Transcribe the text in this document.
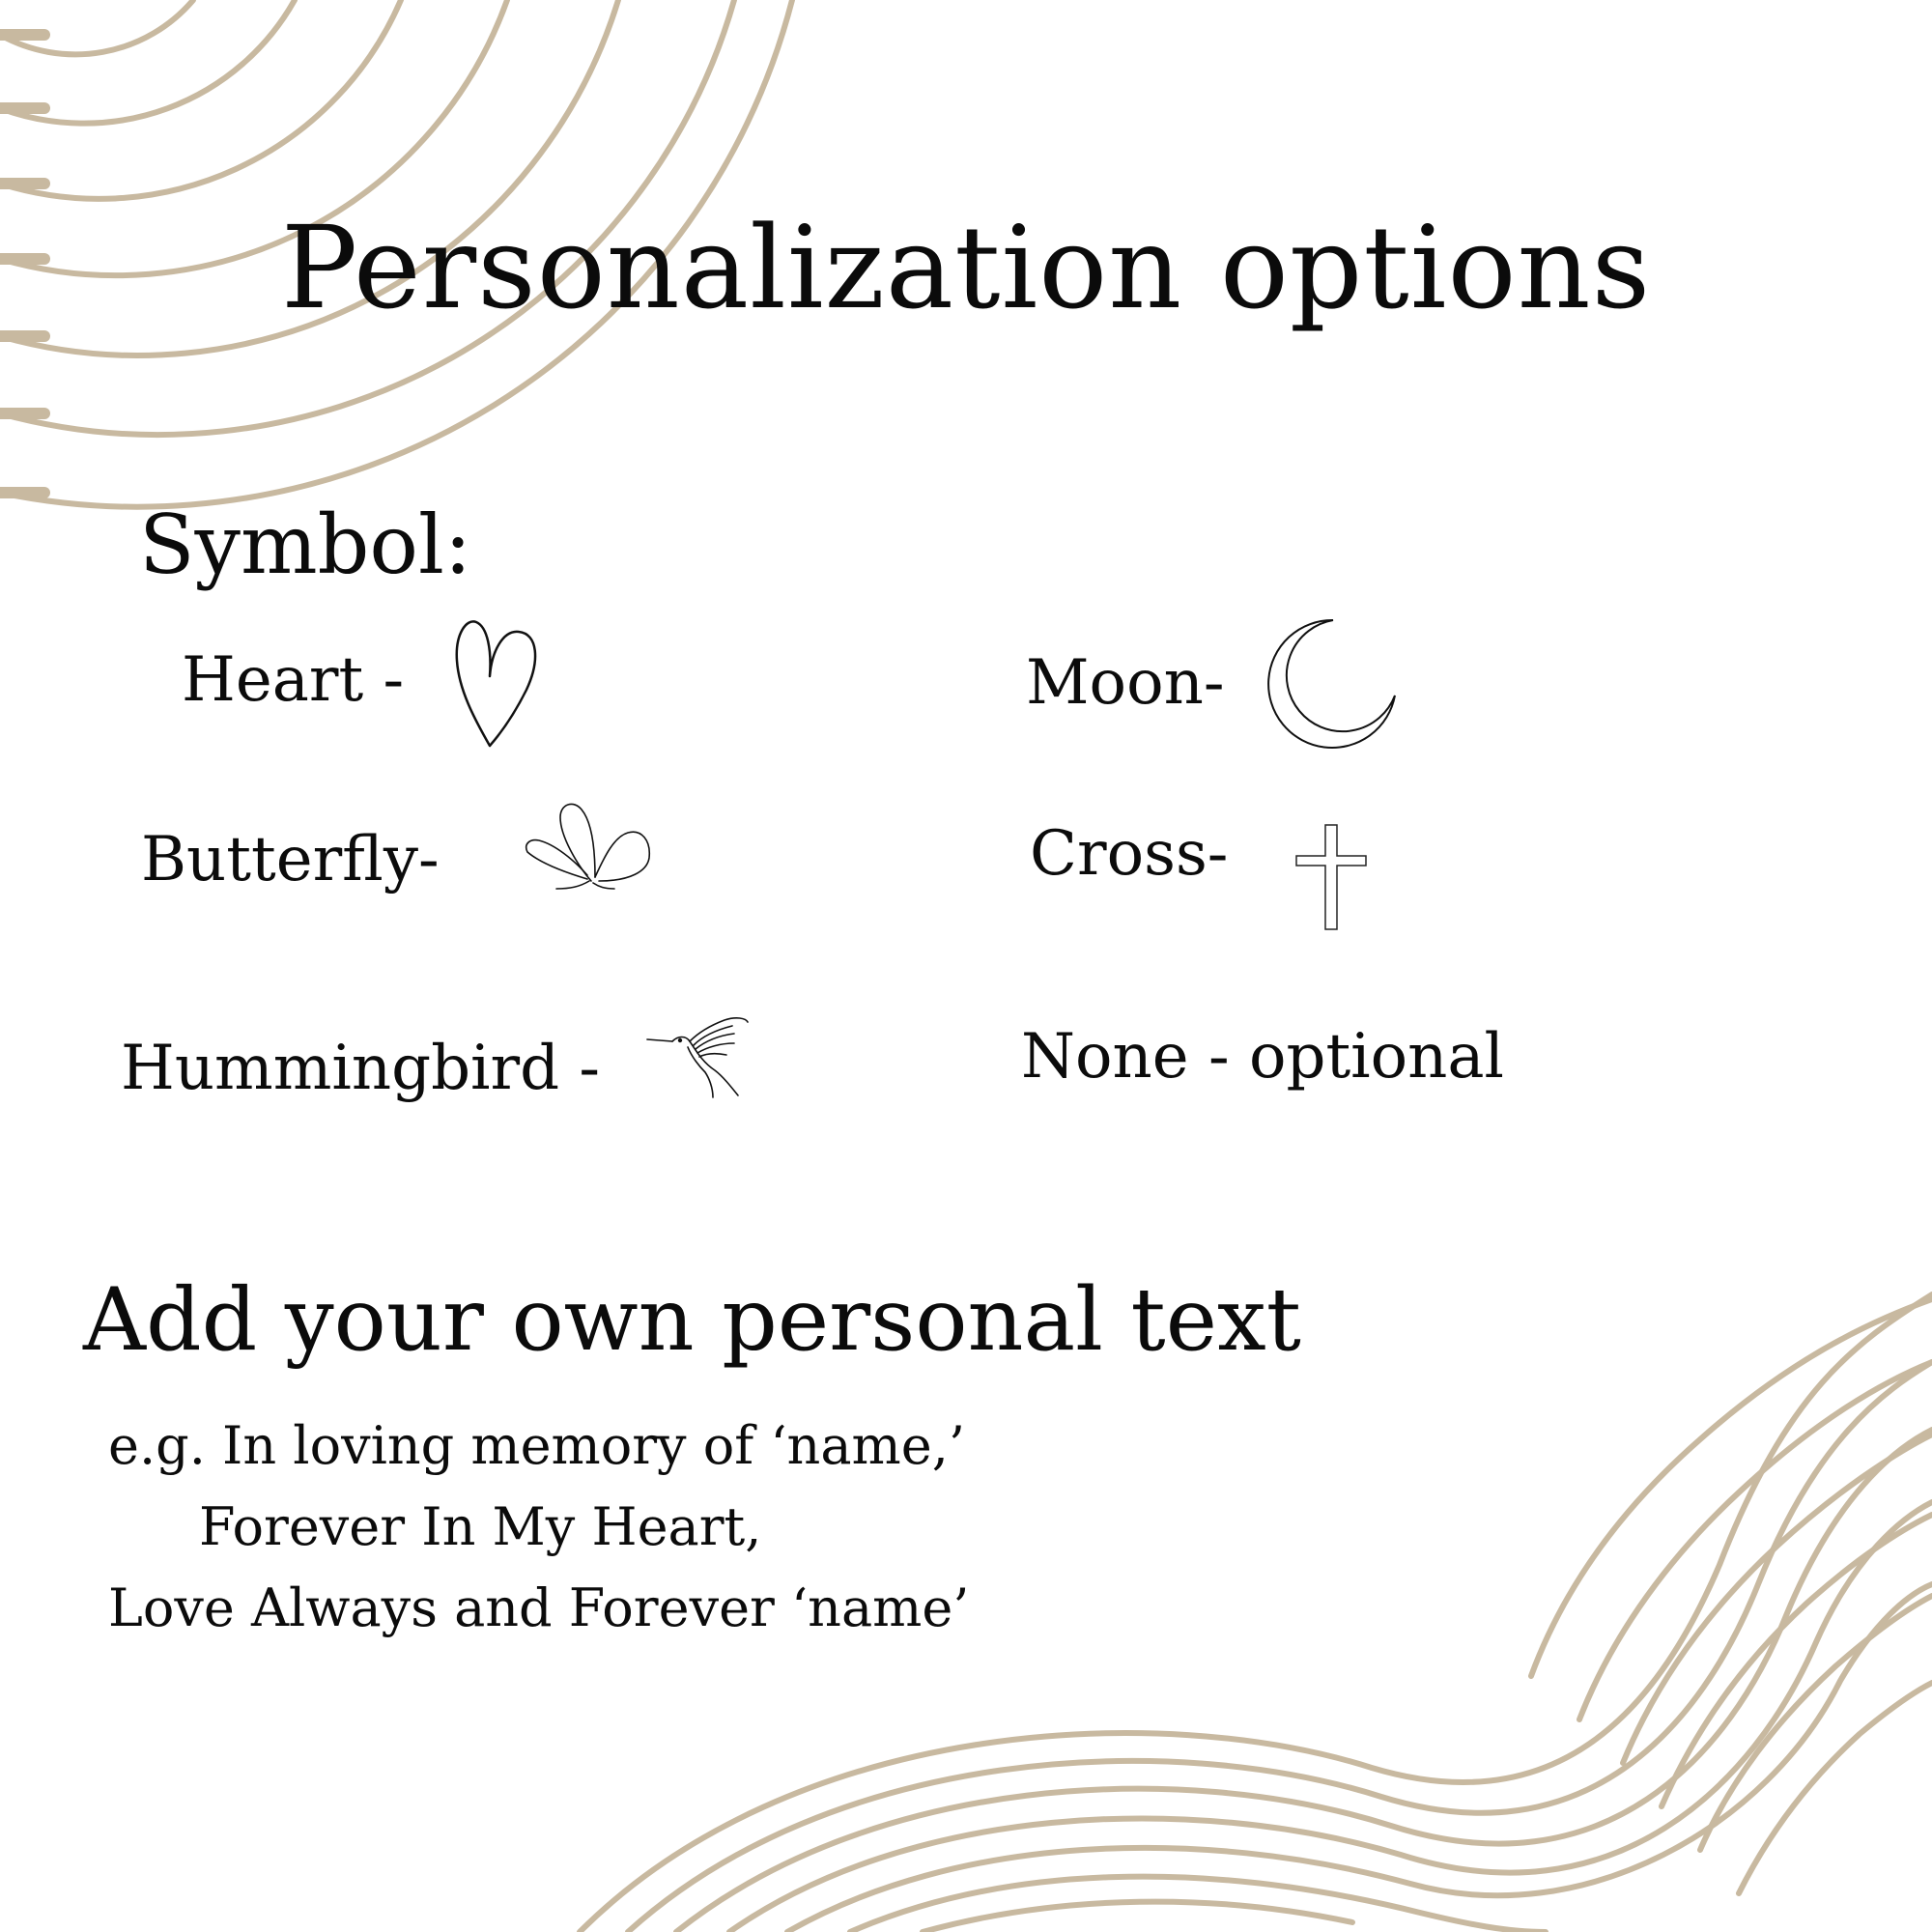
Personalization options
Symbol:
Heart -
Butterfly-
Hummingbird -
Moon-
Cross-
None - optional
Add your own personal text
e.g. In loving memory of ‘name,’
Forever In My Heart,
Love Always and Forever ‘name’
